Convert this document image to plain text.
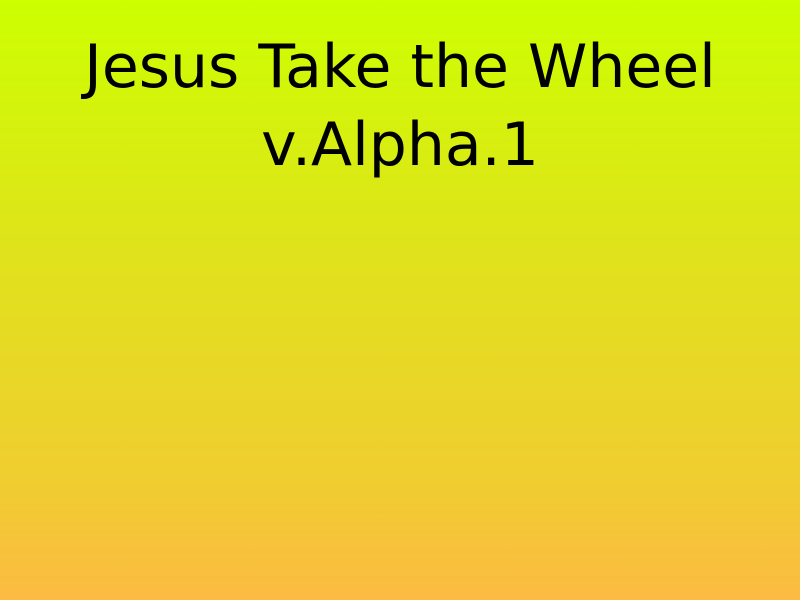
Jesus Take the Wheel
v.Alpha.1
